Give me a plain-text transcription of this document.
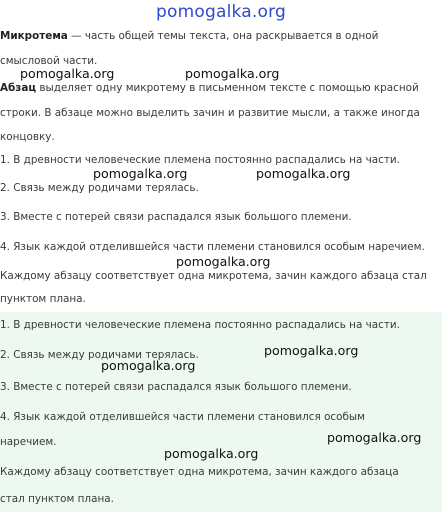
pomogalka.org

Микротема — часть общей темы текста, она раскрывается в одной

смысловой части.

Абзац выделяет одну микротему в письменном тексте с помощью красной

строки. В абзаце можно выделить зачин и развитие мысли, а также иногда

концовку.

1. В древности человеческие племена постоянно распадались на части.

2. Связь между родичами терялась.

3. Вместе с потерей связи распадался язык большого племени.

4. Язык каждой отделившейся части племени становился особым наречием.

Каждому абзацу соответствует одна микротема, зачин каждого абзаца стал

пунктом плана.

1. В древности человеческие племена постоянно распадались на части.

2. Связь между родичами терялась.

3. Вместе с потерей связи распадался язык большого племени.

4. Язык каждой отделившейся части племени становился особым

наречием.

Каждому абзацу соответствует одна микротема, зачин каждого абзаца

стал пунктом плана.

pomogalka.org	pomogalka.org
pomogalka.org	pomogalka.org
pomogalka.org
pomogalka.org
pomogalka.org
pomogalka.org
pomogalka.org
